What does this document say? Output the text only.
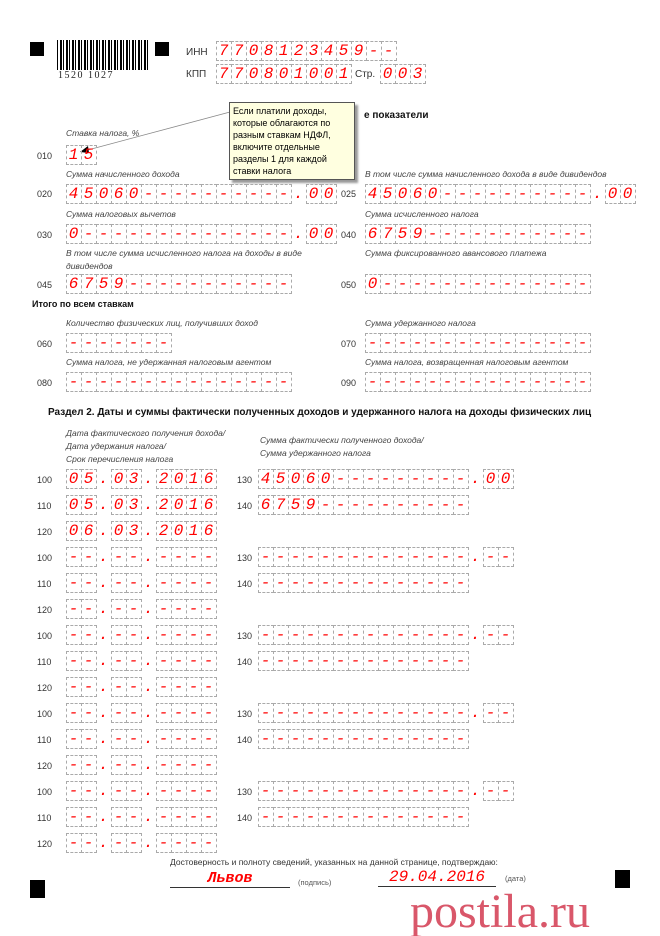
1520 1027
ИНН 7708123459--
КПП 770801001 Стр. 003
е показатели
Если платили доходы, которые облагаются по разным ставкам НДФЛ, включите отдельные разделы 1 для каждой ставки налога
Ставка налога, %
010 15
Сумма начисленного дохода
020 45060----------.00
В том числе сумма начисленного дохода в виде дивидендов
025 45060----------.00
Сумма налоговых вычетов
030 0--------------.00
Сумма исчисленного налога
040 6759-----------
В том числе сумма исчисленного налога на доходы в виде дивидендов
045 6759-----------
Сумма фиксированного авансового платежа
050 0--------------
Итого по всем ставкам
Количество физических лиц, получивших доход
060 -------
Сумма удержанного налога
070 ---------------
Сумма налога, не удержанная налоговым агентом
080 ---------------
Сумма налога, возвращенная налоговым агентом
090 ---------------
Раздел 2. Даты и суммы фактически полученных доходов и удержанного налога на доходы физических лиц
Дата фактического получения дохода/
Дата удержания налога/
Срок перечисления налога
Сумма фактически полученного дохода/
Сумма удержанного налога
100 05.03.2016 130 45060---------.00
110 05.03.2016 140 6759----------
120 06.03.2016
100 --.--.---- 130 --------------.--
110 --.--.---- 140 --------------
120 --.--.----
100 --.--.---- 130 --------------.--
110 --.--.---- 140 --------------
120 --.--.----
100 --.--.---- 130 --------------.--
110 --.--.---- 140 --------------
120 --.--.----
100 --.--.---- 130 --------------.--
110 --.--.---- 140 --------------
120 --.--.----
Достоверность и полноту сведений, указанных на данной странице, подтверждаю:
Львов	(подпись)	29.04.2016	(дата)
postila.ru
